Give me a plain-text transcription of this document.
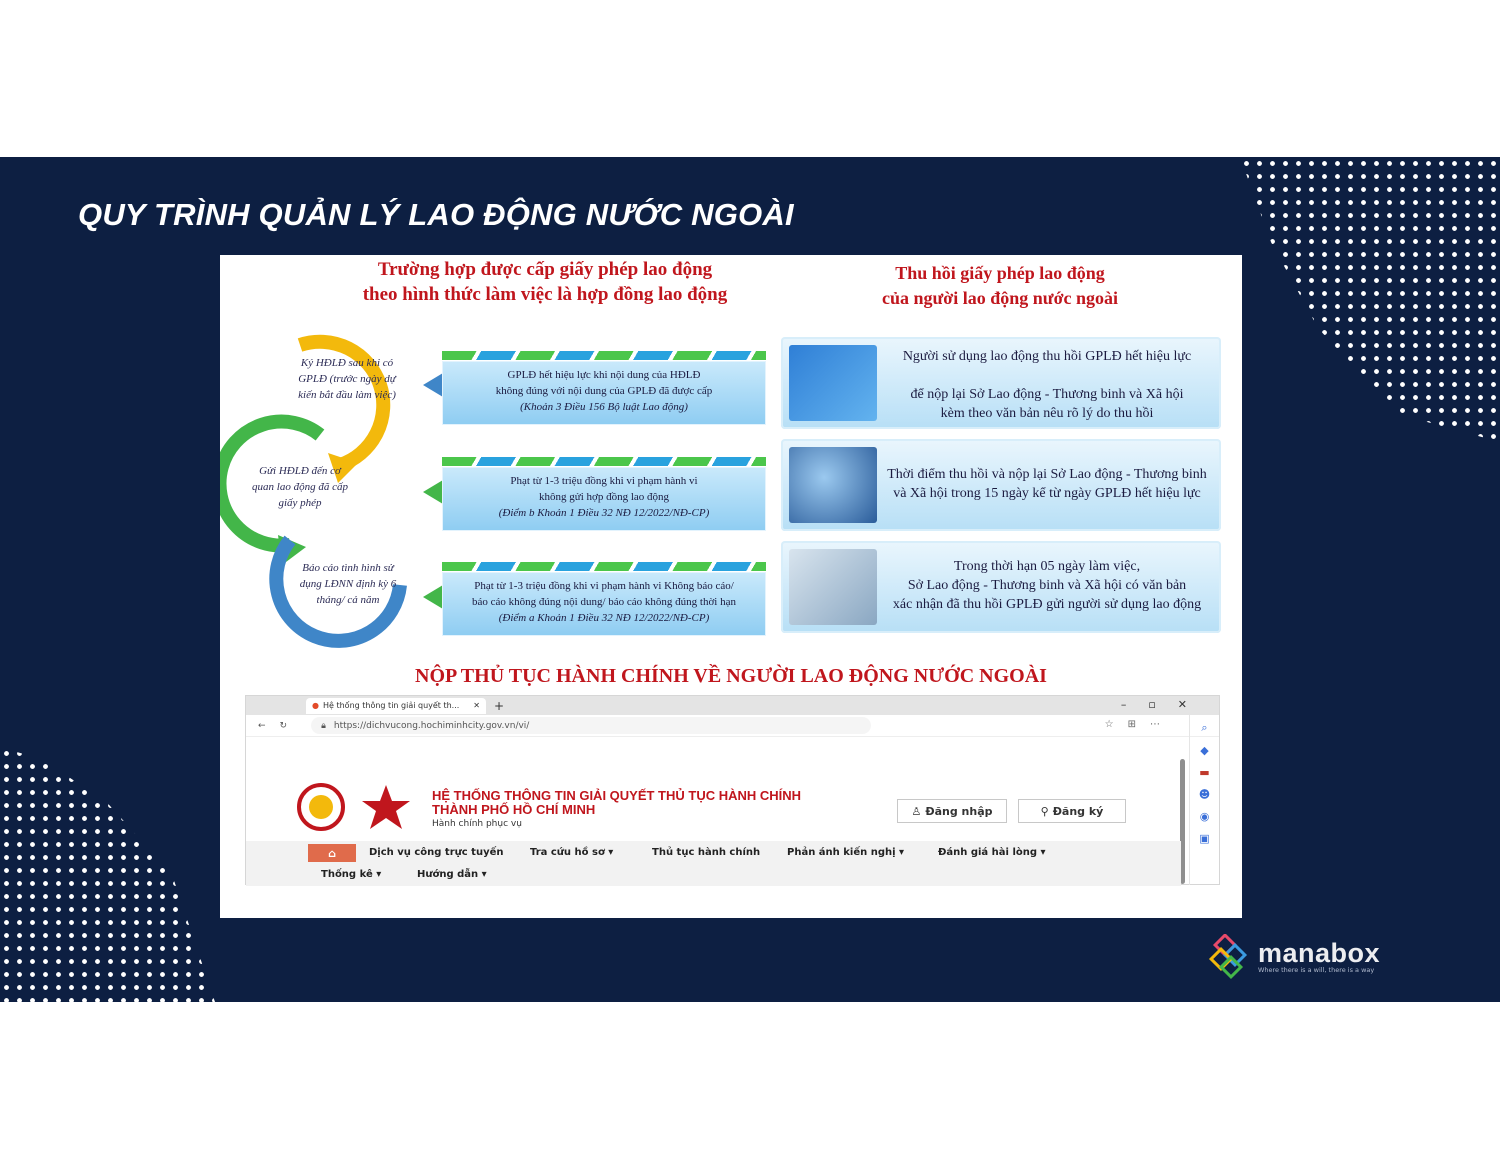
QUY TRÌNH QUẢN LÝ LAO ĐỘNG NƯỚC NGOÀI
Trường hợp được cấp giấy phép lao động
theo hình thức làm việc là hợp đồng lao động
Thu hồi giấy phép lao động
của người lao động nước ngoài
Ký HĐLĐ sau khi có GPLĐ (trước ngày dự kiến bắt đầu làm việc)
Gửi HĐLĐ đến cơ quan lao động đã cấp giấy phép
Báo cáo tình hình sử dụng LĐNN định kỳ 6 tháng/ cả năm
GPLĐ hết hiệu lực khi nội dung của HĐLĐ
không đúng với nội dung của GPLĐ đã được cấp
(Khoản 3 Điều 156 Bộ luật Lao động)
Phạt từ 1-3 triệu đồng khi vi phạm hành vi
không gửi hợp đồng lao động
(Điểm b Khoản 1 Điều 32 NĐ 12/2022/NĐ-CP)
Phạt từ 1-3 triệu đồng khi vi phạm hành vi Không báo cáo/
báo cáo không đúng nội dung/ báo cáo không đúng thời hạn
(Điểm a Khoản 1 Điều 32 NĐ 12/2022/NĐ-CP)
Người sử dụng lao động thu hồi GPLĐ hết hiệu lực
để nộp lại Sở Lao động - Thương binh và Xã hội
kèm theo văn bản nêu rõ lý do thu hồi
Thời điểm thu hồi và nộp lại Sở Lao động - Thương binh
và Xã hội trong 15 ngày kể từ ngày GPLĐ hết hiệu lực
Trong thời hạn 05 ngày làm việc,
Sở Lao động - Thương binh và Xã hội có văn bản
xác nhận đã thu hồi GPLĐ gửi người sử dụng lao động
NỘP THỦ TỤC HÀNH CHÍNH VỀ NGƯỜI LAO ĐỘNG NƯỚC NGOÀI
● Hệ thống thông tin giải quyết th... ✕ +	–▫✕
← ↻	🔒︎ https://dichvucong.hochiminhcity.gov.vn/vi/	☆⊞⋯ ⌕
◆
▬
☻
◉
▣
HỆ THỐNG THÔNG TIN GIẢI QUYẾT THỦ TỤC HÀNH CHÍNH
THÀNH PHỐ HỒ CHÍ MINH
Hành chính phục vụ
♙ Đăng nhập	⚲ Đăng ký
⌂	Dịch vụ công trực tuyến	Tra cứu hồ sơ ▾	Thủ tục hành chính	Phản ánh kiến nghị ▾	Đánh giá hài lòng ▾
Thống kê ▾	Hướng dẫn ▾
manabox
Where there is a will, there is a way
